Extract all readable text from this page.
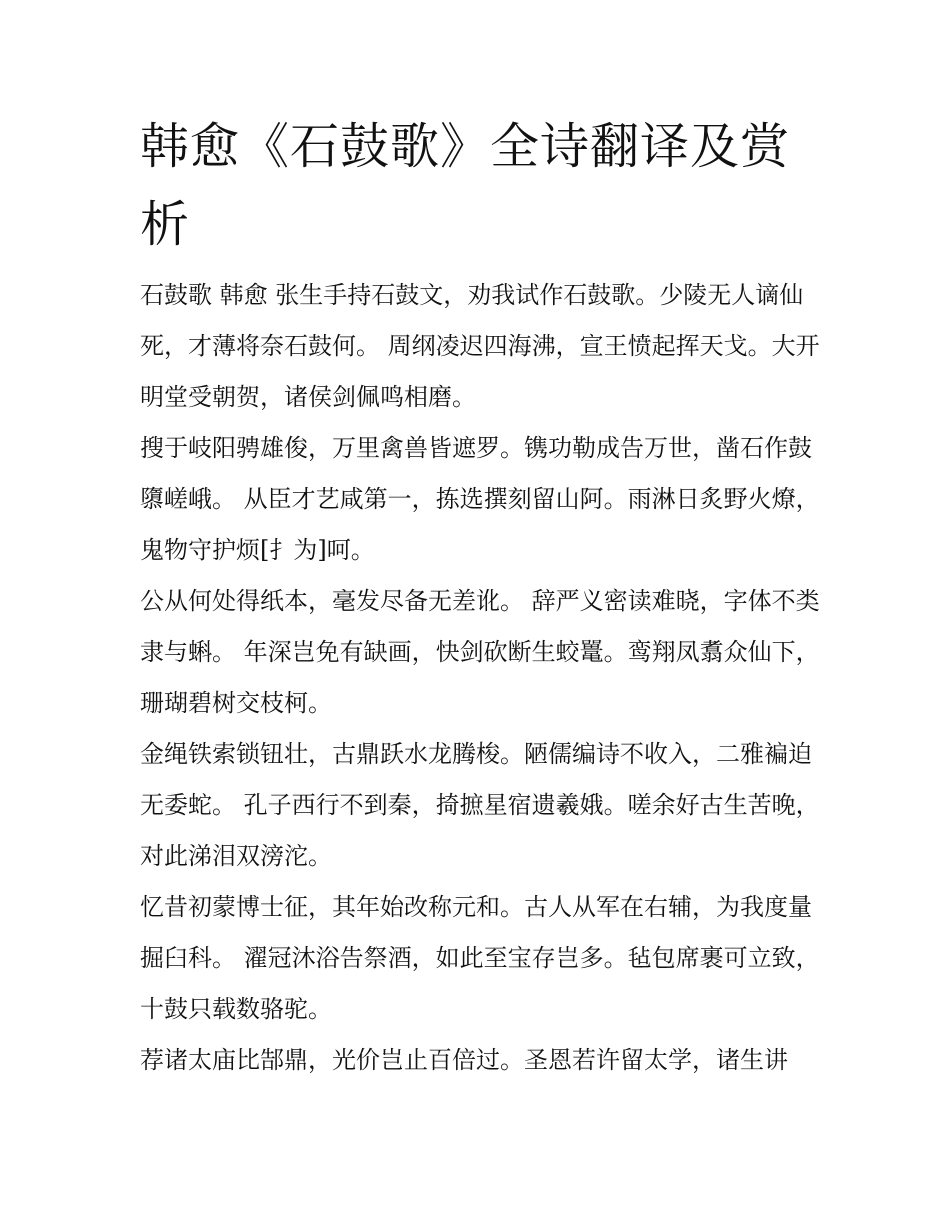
韩愈《石鼓歌》全诗翻译及赏析

石鼓歌 韩愈 张生手持石鼓文，劝我试作石鼓歌。少陵无人谪仙死，才薄将奈石鼓何。 周纲凌迟四海沸，宣王愤起挥天戈。大开明堂受朝贺，诸侯剑佩鸣相磨。

搜于岐阳骋雄俊，万里禽兽皆遮罗。镌功勒成告万世，凿石作鼓隳嵯峨。 从臣才艺咸第一，拣选撰刻留山阿。雨淋日炙野火燎，鬼物守护烦[扌为]呵。

公从何处得纸本，毫发尽备无差讹。 辞严义密读难晓，字体不类隶与蝌。 年深岂免有缺画，快剑砍断生蛟鼍。鸾翔凤翥众仙下，珊瑚碧树交枝柯。

金绳铁索锁钮壮，古鼎跃水龙腾梭。陋儒编诗不收入，二雅褊迫无委蛇。 孔子西行不到秦，掎摭星宿遗羲娥。嗟余好古生苦晚，对此涕泪双滂沱。

忆昔初蒙博士征，其年始改称元和。古人从军在右辅，为我度量掘臼科。 濯冠沐浴告祭酒，如此至宝存岂多。毡包席裹可立致，十鼓只载数骆驼。

荐诸太庙比郜鼎，光价岂止百倍过。圣恩若许留太学，诸生讲
